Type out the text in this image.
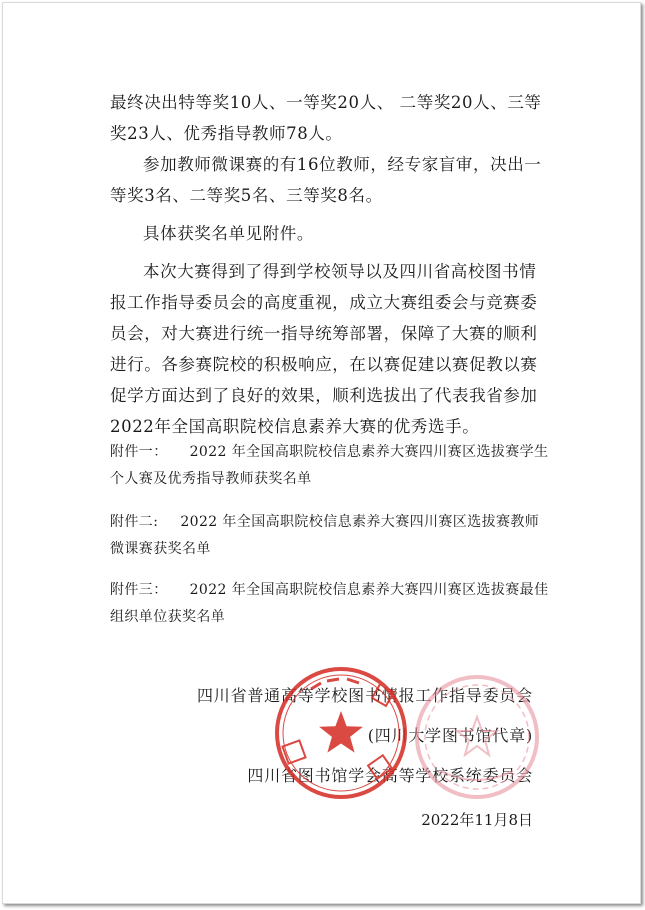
最终决出特等奖10人、一等奖20人、 二等奖20人、三等奖23人、优秀指导教师78人。

参加教师微课赛的有16位教师，经专家盲审，决出一等奖3名、二等奖5名、三等奖8名。

具体获奖名单见附件。

本次大赛得到了得到学校领导以及四川省高校图书情报工作指导委员会的高度重视，成立大赛组委会与竞赛委员会，对大赛进行统一指导统筹部署，保障了大赛的顺利进行。各参赛院校的积极响应，在以赛促建以赛促教以赛促学方面达到了良好的效果，顺利选拔出了代表我省参加2022年全国高职院校信息素养大赛的优秀选手。

附件一： 2022 年全国高职院校信息素养大赛四川赛区选拔赛学生个人赛及优秀指导教师获奖名单
附件二: 2022 年全国高职院校信息素养大赛四川赛区选拔赛教师微课赛获奖名单
附件三： 2022 年全国高职院校信息素养大赛四川赛区选拔赛最佳组织单位获奖名单
四川省普通高等学校图书情报工作指导委员会
(四川大学图书馆代章)
四川省图书馆学会高等学校系统委员会
2022年11月8日
